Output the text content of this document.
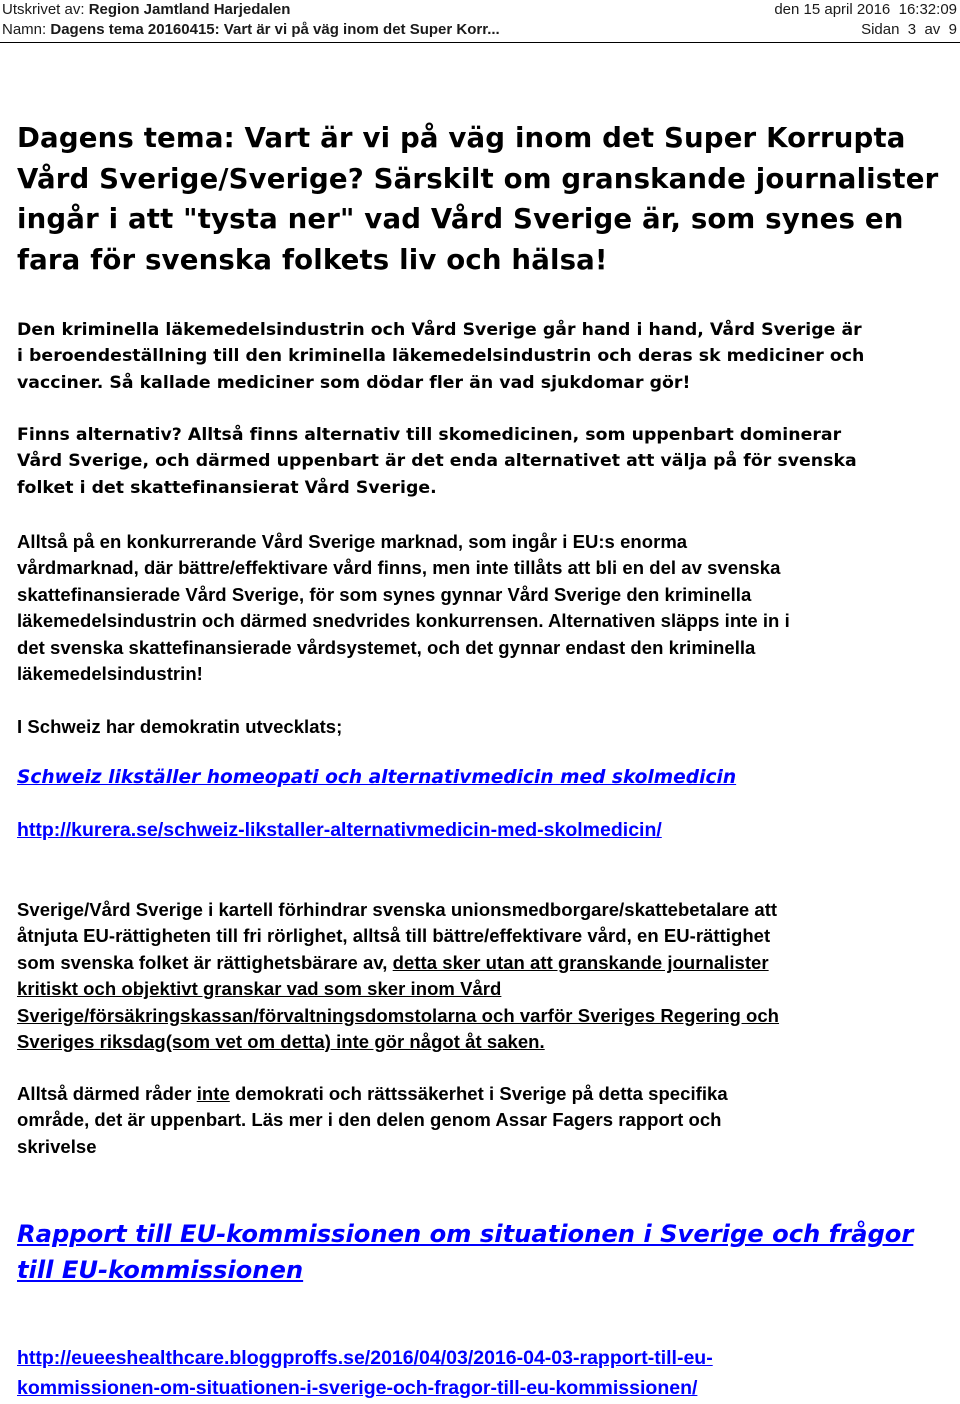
Utskrivet av: Region Jamtland Harjedalen	den 15 april 2016 16:32:09
Namn: Dagens tema 20160415: Vart är vi på väg inom det Super Korr...	Sidan 3 av 9
Dagens tema: Vart är vi på väg inom det Super Korrupta
Vård Sverige/Sverige? Särskilt om granskande journalister
ingår i att "tysta ner" vad Vård Sverige är, som synes en
fara för svenska folkets liv och hälsa!

Den kriminella läkemedelsindustrin och Vård Sverige går hand i hand, Vård Sverige är
i beroendeställning till den kriminella läkemedelsindustrin och deras sk mediciner och
vacciner. Så kallade mediciner som dödar fler än vad sjukdomar gör!

Finns alternativ? Alltså finns alternativ till skomedicinen, som uppenbart dominerar
Vård Sverige, och därmed uppenbart är det enda alternativet att välja på för svenska
folket i det skattefinansierat Vård Sverige.

Alltså på en konkurrerande Vård Sverige marknad, som ingår i EU:s enorma
vårdmarknad, där bättre/effektivare vård finns, men inte tillåts att bli en del av svenska
skattefinansierade Vård Sverige, för som synes gynnar Vård Sverige den kriminella
läkemedelsindustrin och därmed snedvrides konkurrensen. Alternativen släpps inte in i
det svenska skattefinansierade vårdsystemet, och det gynnar endast den kriminella
läkemedelsindustrin!

I Schweiz har demokratin utvecklats;

Schweiz likställer homeopati och alternativmedicin med skolmedicin
http://kurera.se/schweiz-likstaller-alternativmedicin-med-skolmedicin/

Sverige/Vård Sverige i kartell förhindrar svenska unionsmedborgare/skattebetalare att
åtnjuta EU-rättigheten till fri rörlighet, alltså till bättre/effektivare vård, en EU-rättighet
som svenska folket är rättighetsbärare av, detta sker utan att granskande journalister
kritiskt och objektivt granskar vad som sker inom Vård
Sverige/försäkringskassan/förvaltningsdomstolarna och varför Sveriges Regering och
Sveriges riksdag(som vet om detta) inte gör något åt saken.

Alltså därmed råder inte demokrati och rättssäkerhet i Sverige på detta specifika
område, det är uppenbart. Läs mer i den delen genom Assar Fagers rapport och
skrivelse

Rapport till EU-kommissionen om situationen i Sverige och frågor
till EU-kommissionen
http://eueeshealthcare.bloggproffs.se/2016/04/03/2016-04-03-rapport-till-eu-
kommissionen-om-situationen-i-sverige-och-fragor-till-eu-kommissionen/
